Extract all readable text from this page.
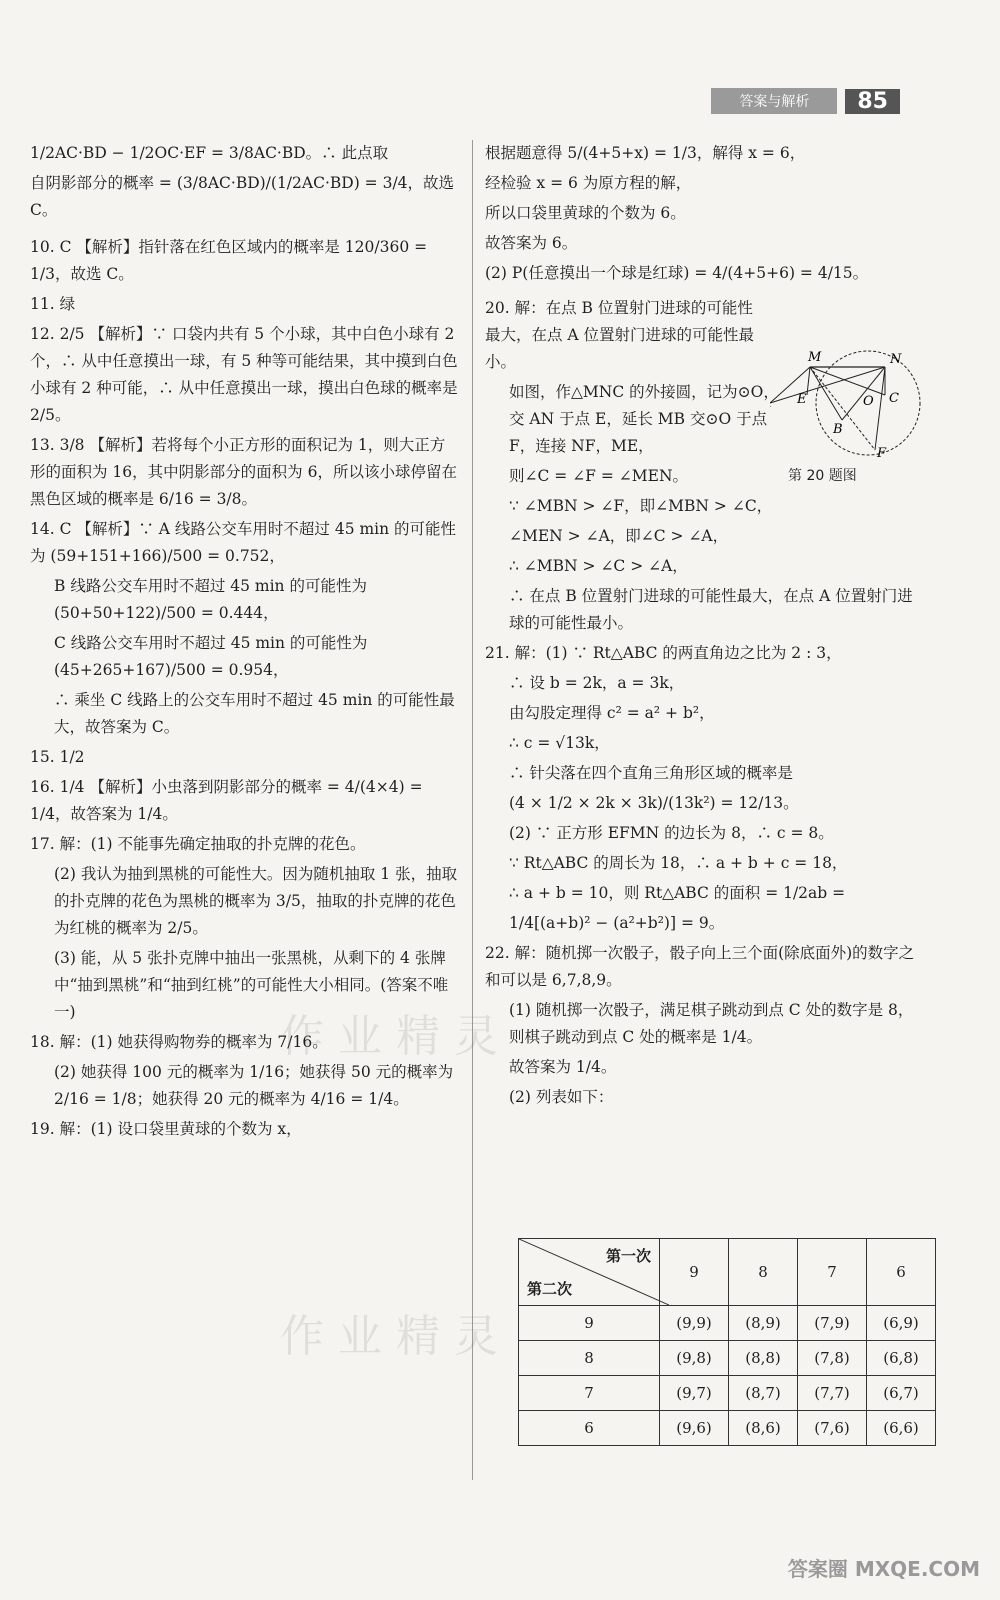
答案与解析	85

1/2AC·BD − 1/2OC·EF = 3/8AC·BD。∴ 此点取

自阴影部分的概率 = (3/8AC·BD)/(1/2AC·BD) = 3/4，故选 C。

10. C 【解析】指针落在红色区域内的概率是 120/360 = 1/3，故选 C。

11. 绿

12. 2/5 【解析】∵ 口袋内共有 5 个小球，其中白色小球有 2 个，∴ 从中任意摸出一球，有 5 种等可能结果，其中摸到白色小球有 2 种可能，∴ 从中任意摸出一球，摸出白色球的概率是 2/5。

13. 3/8 【解析】若将每个小正方形的面积记为 1，则大正方形的面积为 16，其中阴影部分的面积为 6，所以该小球停留在黑色区域的概率是 6/16 = 3/8。

14. C 【解析】∵ A 线路公交车用时不超过 45 min 的可能性为 (59+151+166)/500 = 0.752，

B 线路公交车用时不超过 45 min 的可能性为 (50+50+122)/500 = 0.444，

C 线路公交车用时不超过 45 min 的可能性为 (45+265+167)/500 = 0.954，

∴ 乘坐 C 线路上的公交车用时不超过 45 min 的可能性最大，故答案为 C。

15. 1/2

16. 1/4 【解析】小虫落到阴影部分的概率 = 4/(4×4) = 1/4，故答案为 1/4。

17. 解：(1) 不能事先确定抽取的扑克牌的花色。

(2) 我认为抽到黑桃的可能性大。因为随机抽取 1 张，抽取的扑克牌的花色为黑桃的概率为 3/5，抽取的扑克牌的花色为红桃的概率为 2/5。

(3) 能，从 5 张扑克牌中抽出一张黑桃，从剩下的 4 张牌中“抽到黑桃”和“抽到红桃”的可能性大小相同。(答案不唯一)

18. 解：(1) 她获得购物券的概率为 7/16。

(2) 她获得 100 元的概率为 1/16；她获得 50 元的概率为 2/16 = 1/8；她获得 20 元的概率为 4/16 = 1/4。

19. 解：(1) 设口袋里黄球的个数为 x，

根据题意得 5/(4+5+x) = 1/3，解得 x = 6，

经检验 x = 6 为原方程的解，

所以口袋里黄球的个数为 6。

故答案为 6。

(2) P(任意摸出一个球是红球) = 4/(4+5+6) = 4/15。

20. 解：在点 B 位置射门进球的可能性最大，在点 A 位置射门进球的可能性最小。

如图，作△MNC 的外接圆，记为⊙O，交 AN 于点 E，延长 MB 交⊙O 于点 F，连接 NF，ME，

则∠C = ∠F = ∠MEN。

∵ ∠MBN > ∠F，即∠MBN > ∠C，

∠MEN > ∠A，即∠C > ∠A，

∴ ∠MBN > ∠C > ∠A，

∴ 在点 B 位置射门进球的可能性最大，在点 A 位置射门进球的可能性最小。

21. 解：(1) ∵ Rt△ABC 的两直角边之比为 2 : 3，

∴ 设 b = 2k，a = 3k，

由勾股定理得 c² = a² + b²，

∴ c = √13k，

∴ 针尖落在四个直角三角形区域的概率是

(4 × 1/2 × 2k × 3k)/(13k²) = 12/13。

(2) ∵ 正方形 EFMN 的边长为 8，∴ c = 8。

∵ Rt△ABC 的周长为 18，∴ a + b + c = 18，

∴ a + b = 10，则 Rt△ABC 的面积 = 1/2ab =

1/4[(a+b)² − (a²+b²)] = 9。

22. 解：随机掷一次骰子，骰子向上三个面(除底面外)的数字之和可以是 6,7,8,9。

(1) 随机掷一次骰子，满足棋子跳动到点 C 处的数字是 8，则棋子跳动到点 C 处的概率是 1/4。

故答案为 1/4。

(2) 列表如下：

M	N
E	O C
B
F
第 20 题图
第一次
第二次	9	8	7	6
9	(9,9)	(8,9)	(7,9)	(6,9)
8	(9,8)	(8,8)	(7,8)	(6,8)
7	(9,7)	(8,7)	(7,7)	(6,7)
6	(9,6)	(8,6)	(7,6)	(6,6)
作业精灵
作业精灵
答案圈 MXQE.COM
